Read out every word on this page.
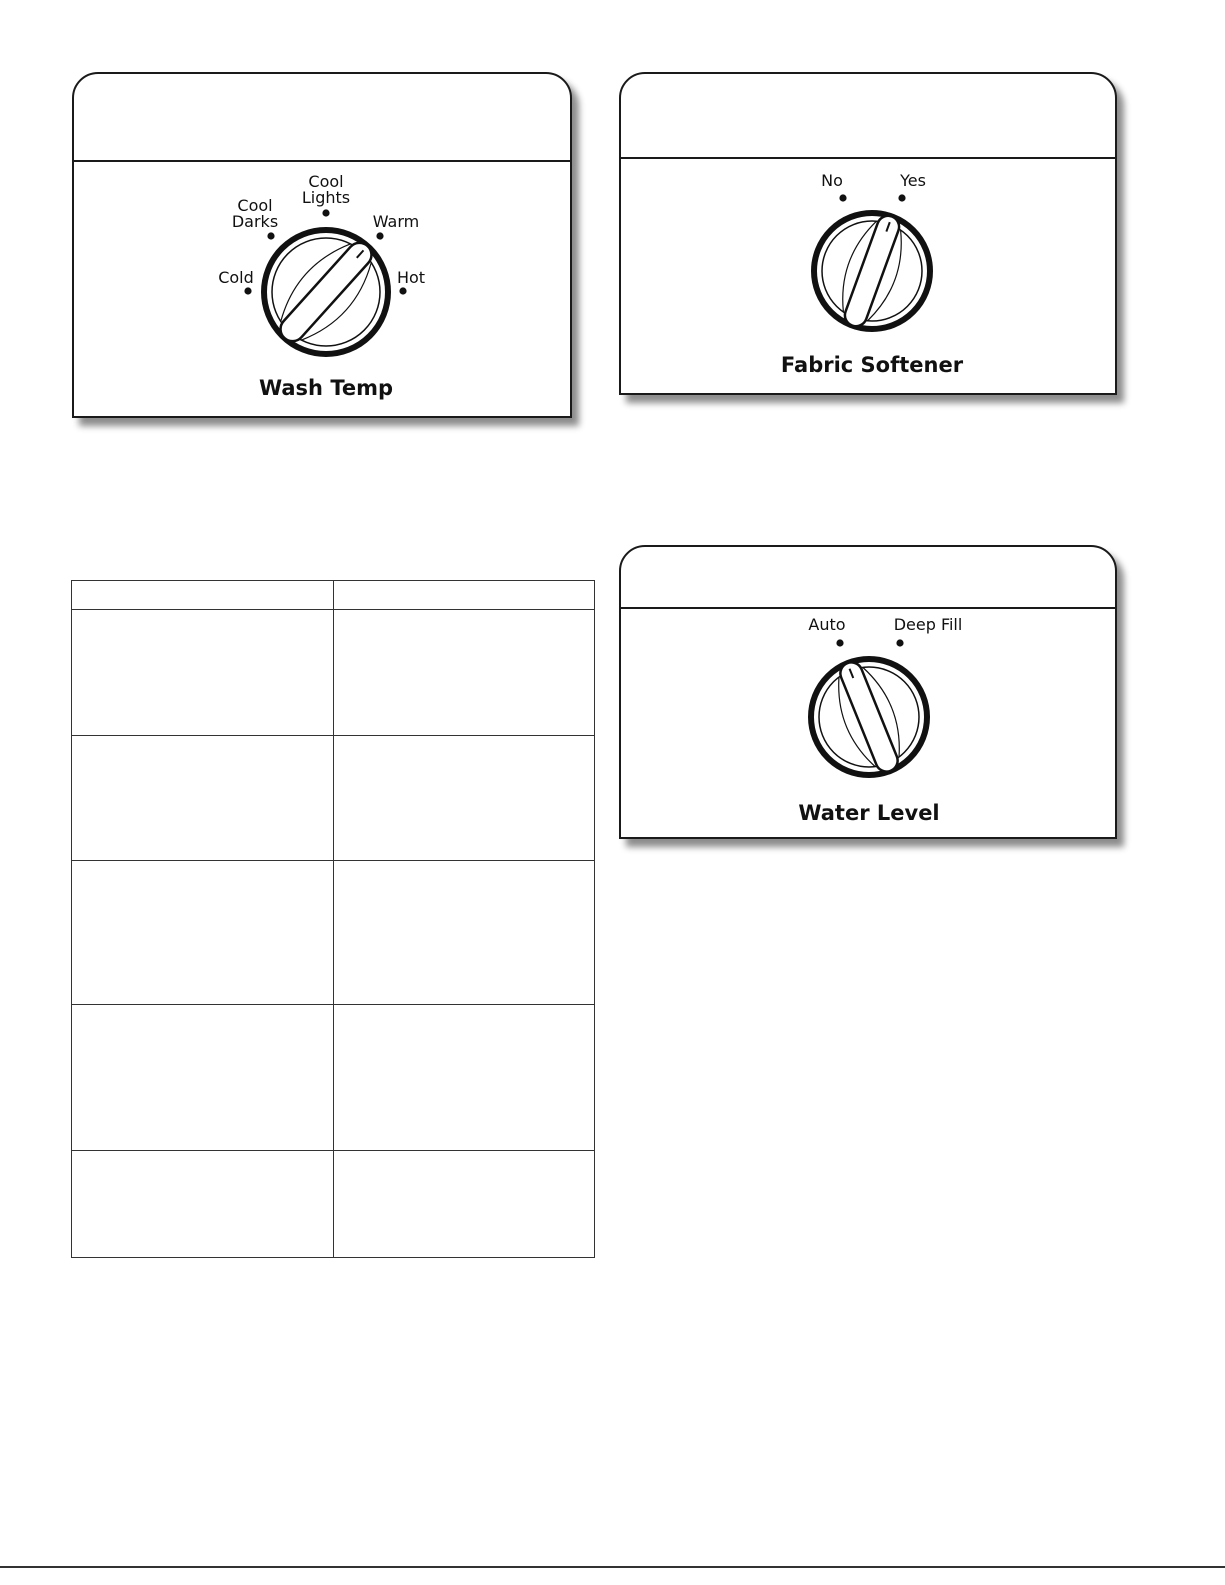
Cold
Cool
Darks
Cool
Lights
Warm
Hot
Wash Temp
No	Yes
Fabric Softener

Auto	Deep Fill
Water Level
